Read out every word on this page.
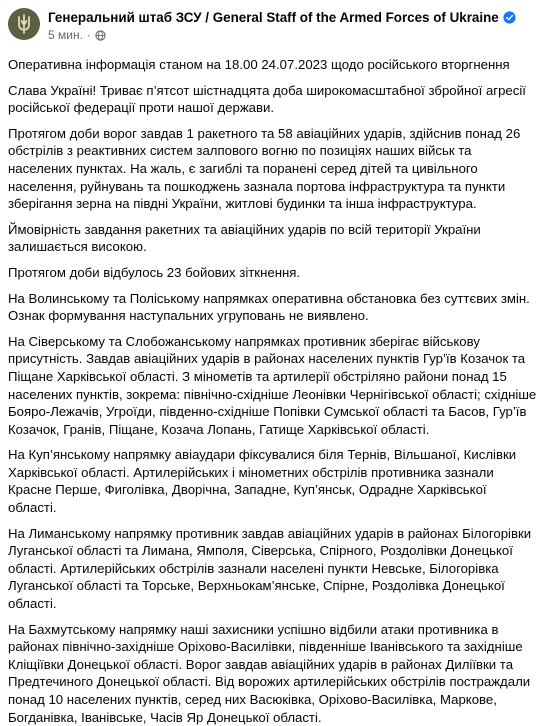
Генеральний штаб ЗСУ / General Staff of the Armed Forces of Ukraine
5 мин. ·

Оперативна інформація станом на 18.00 24.07.2023 щодо російського вторгнення

Слава Україні! Триває п’ятсот шістнадцята доба широкомасштабної збройної агресії російської федерації проти нашої держави.

Протягом доби ворог завдав 1 ракетного та 58 авіаційних ударів, здійснив понад 26 обстрілів з реактивних систем залпового вогню по позиціях наших військ та населених пунктах. На жаль, є загиблі та поранені серед дітей та цивільного населення, руйнувань та пошкоджень зазнала портова інфраструктура та пункти зберігання зерна на півдні України, житлові будинки та інша інфраструктура.

Ймовірність завдання ракетних та авіаційних ударів по всій території України залишається високою.

Протягом доби відбулось 23 бойових зіткнення.

На Волинському та Поліському напрямках оперативна обстановка без суттєвих змін. Ознак формування наступальних угруповань не виявлено.

На Сіверському та Слобожанському напрямках противник зберігає військову присутність. Завдав авіаційних ударів в районах населених пунктів Гур’їв Козачок та Піщане Харківської області. З мінометів та артилерії обстріляно райони понад 15 населених пунктів, зокрема: північно-східніше Леонівки Чернігівської області; східніше Бояро-Лежачів, Угроїди, південно-східніше Попівки Сумської області та Басов, Гур’їв Козачок, Гранів, Піщане, Козача Лопань, Гатище Харківської області.

На Куп’янському напрямку авіаудари фіксувалися біля Тернів, Вільшаної, Кислівки Харківської області. Артилерійських і мінометних обстрілів противника зазнали Красне Перше, Фиголівка, Дворічна, Западне, Куп’янськ, Одрадне Харківської області.

На Лиманському напрямку противник завдав авіаційних ударів в районах Білогорівки Луганської області та Лимана, Ямполя, Сіверська, Спірного, Роздолівки Донецької області. Артилерійських обстрілів зазнали населені пункти Невське, Білогорівка Луганської області та Торське, Верхньокам’янське, Спірне, Роздолівка Донецької області.

На Бахмутському напрямку наші захисники успішно відбили атаки противника в районах північно-західніше Оріхово-Василівки, південніше Іванівського та західніше Кліщіївки Донецької області. Ворог завдав авіаційних ударів в районах Диліївки та Предтечиного Донецької області. Від ворожих артилерійських обстрілів постраждали понад 10 населених пунктів, серед них Васюківка, Оріхово-Василівка, Маркове, Богданівка, Іванівське, Часів Яр Донецької області.
